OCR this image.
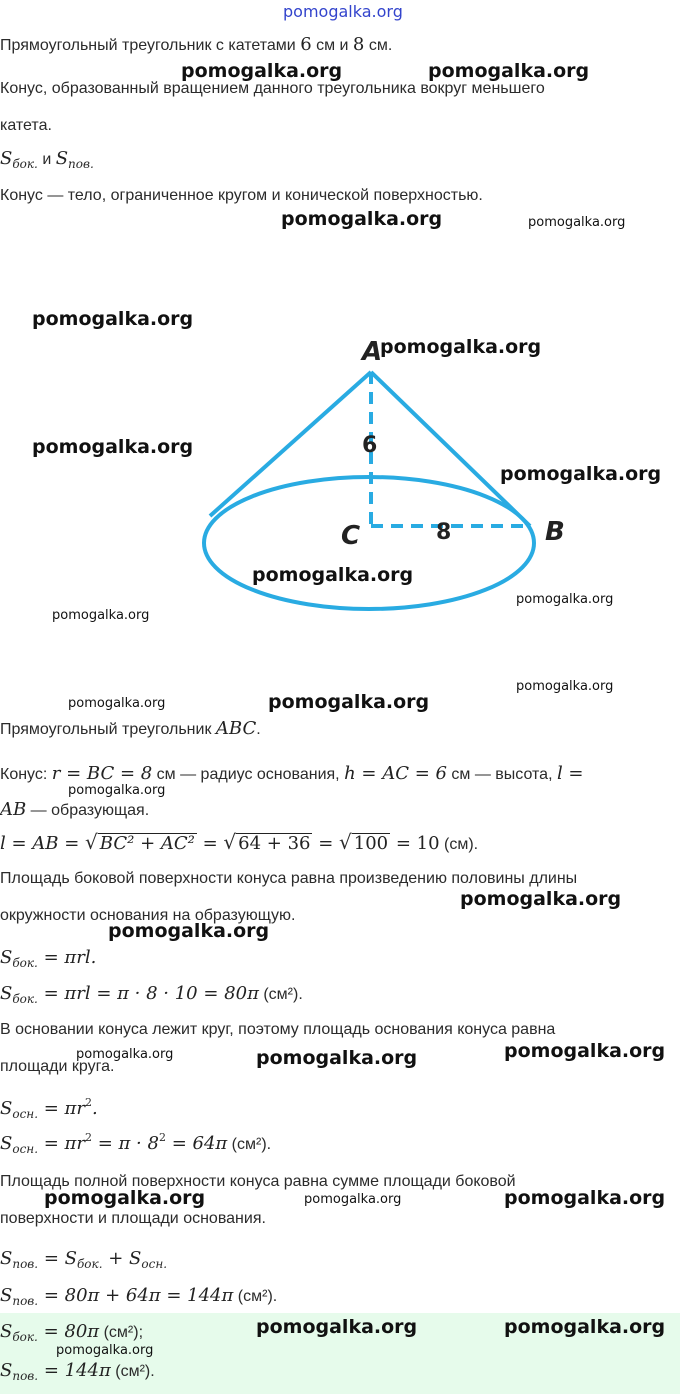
pomogalka.org
Прямоугольный треугольник с катетами 6 см и 8 см.
Конус, образованный вращением данного треугольника вокруг меньшего
катета.
$S_{бок.}$ и $S_{пов.}$
Конус — тело, ограниченное кругом и конической поверхностью.
A
6
C	8	B
Прямоугольный треугольник ABC.
Конус: r = BC = 8 см — радиус основания, h = AC = 6 см — высота, l =
AB — образующая.
l = AB = √ BC² + AC² = √ 64 + 36 = √ 100 = 10 (см).
Площадь боковой поверхности конуса равна произведению половины длины
окружности основания на образующую.
$S_{бок.} = \pi rl$.
$S_{бок.} = \pi rl = \pi \cdot 8 \cdot 10 = 80\pi$ (см²).
В основании конуса лежит круг, поэтому площадь основания конуса равна
площади круга.
$S_{осн.} = \pi r^2$.
$S_{осн.} = \pi r^2 = \pi \cdot 8^2 = 64\pi$ (см²).
Площадь полной поверхности конуса равна сумме площади боковой
поверхности и площади основания.
$S_{пов.} = S_{бок.} + S_{осн.}$
$S_{пов.} = 80\pi + 64\pi = 144\pi$ (см²).
$S_{бок.} = 80\pi$ (см²);
$S_{пов.} = 144\pi$ (см²).
pomogalka.org	pomogalka.org
pomogalka.org	pomogalka.org
pomogalka.org
pomogalka.org
pomogalka.org
pomogalka.org
pomogalka.org
pomogalka.org
pomogalka.org
pomogalka.org
pomogalka.org	pomogalka.org
pomogalka.org
pomogalka.org
pomogalka.org
pomogalka.org	pomogalka.org	pomogalka.org
pomogalka.org	pomogalka.org	pomogalka.org
pomogalka.org	pomogalka.org
pomogalka.org
